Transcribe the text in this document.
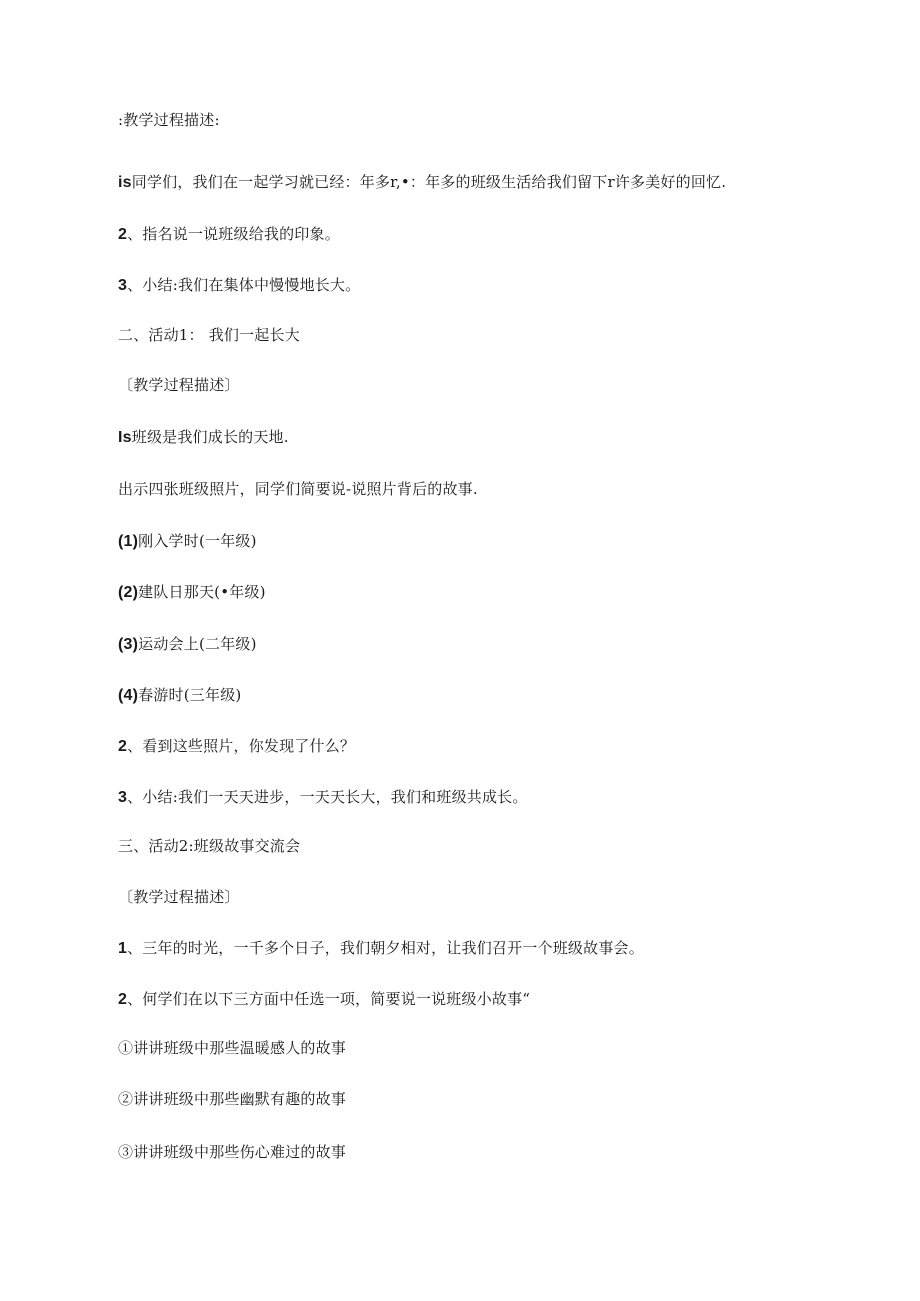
:教学过程描述:
is同学们，我们在一起学习就已经：年多r,•：年多的班级生活给我们留下r许多美好的回忆.
2、指名说一说班级给我的印象。
3、小结:我们在集体中慢慢地长大。
二、活动1： 我们一起长大
〔教学过程描述〕
Is班级是我们成长的天地.
出示四张班级照片，同学们简要说-说照片背后的故事.
(1)刚入学时(一年级)
(2)建队日那天(•年级)
(3)运动会上(二年级)
(4)春游时(三年级)
2、看到这些照片，你发现了什么？
3、小结:我们一天天进步，一天天长大，我们和班级共成长。
三、活动2:班级故事交流会
〔教学过程描述〕
1、三年的时光，一千多个日子，我们朝夕相对，让我们召开一个班级故事会。
2、何学们在以下三方面中任选一项，简要说一说班级小故事“
①讲讲班级中那些温暖感人的故事
②讲讲班级中那些幽默有趣的故事
③讲讲班级中那些伤心难过的故事
